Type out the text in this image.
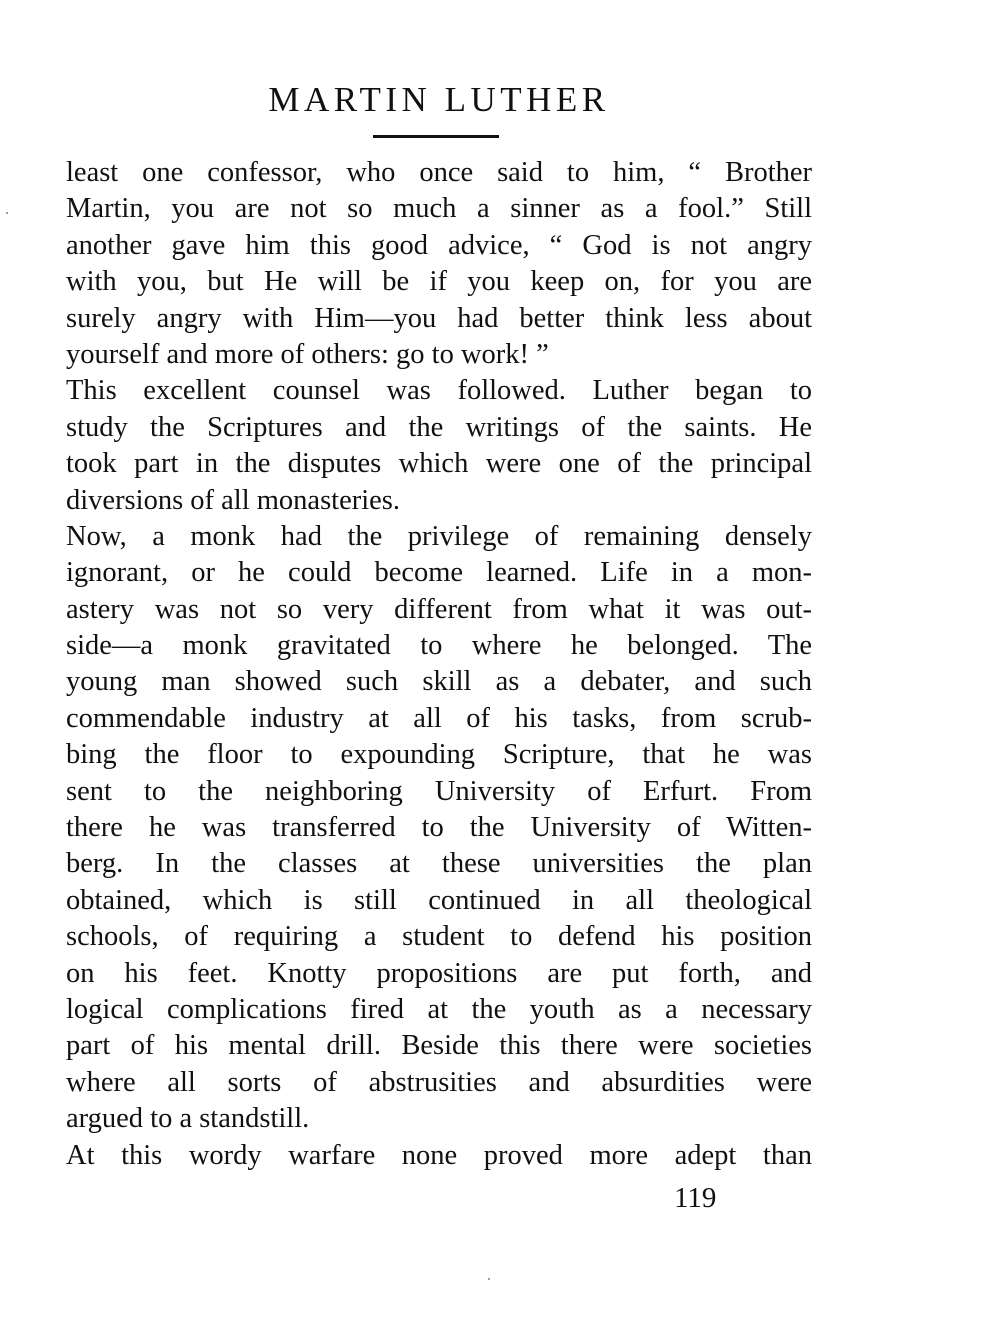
MARTIN LUTHER
least one confessor, who once said to him, “ Brother
Martin, you are not so much a sinner as a fool.” Still
another gave him this good advice, “ God is not angry
with you, but He will be if you keep on, for you are
surely angry with Him—you had better think less about
yourself and more of others: go to work! ”
This excellent counsel was followed. Luther began to
study the Scriptures and the writings of the saints. He
took part in the disputes which were one of the principal
diversions of all monasteries.
Now, a monk had the privilege of remaining densely
ignorant, or he could become learned. Life in a mon-
astery was not so very different from what it was out-
side—a monk gravitated to where he belonged. The
young man showed such skill as a debater, and such
commendable industry at all of his tasks, from scrub-
bing the floor to expounding Scripture, that he was
sent to the neighboring University of Erfurt. From
there he was transferred to the University of Witten-
berg. In the classes at these universities the plan
obtained, which is still continued in all theological
schools, of requiring a student to defend his position
on his feet. Knotty propositions are put forth, and
logical complications fired at the youth as a necessary
part of his mental drill. Beside this there were societies
where all sorts of abstrusities and absurdities were
argued to a standstill.
At this wordy warfare none proved more adept than
119
